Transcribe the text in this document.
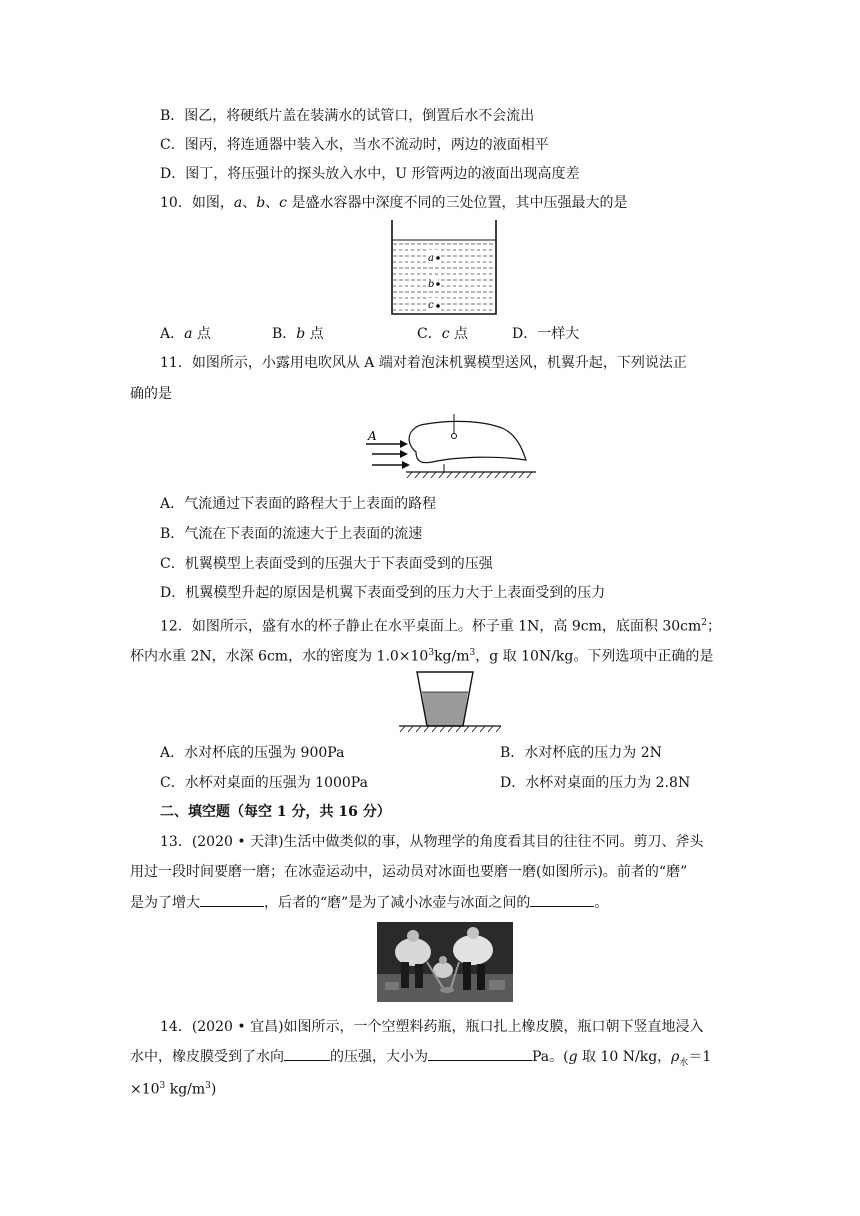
B．图乙，将硬纸片盖在装满水的试管口，倒置后水不会流出
C．图丙，将连通器中装入水，当水不流动时，两边的液面相平
D．图丁，将压强计的探头放入水中，U 形管两边的液面出现高度差
10．如图，a、b、c 是盛水容器中深度不同的三处位置，其中压强最大的是
a
b
c
A．a 点	B．b 点	C．c 点	D．一样大
11．如图所示，小露用电吹风从 A 端对着泡沫机翼模型送风，机翼升起，下列说法正
确的是
A
A．气流通过下表面的路程大于上表面的路程
B．气流在下表面的流速大于上表面的流速
C．机翼模型上表面受到的压强大于下表面受到的压强
D．机翼模型升起的原因是机翼下表面受到的压力大于上表面受到的压力
12．如图所示，盛有水的杯子静止在水平桌面上。杯子重 1N，高 9cm，底面积 $30cm^2$；
杯内水重 2N，水深 6cm，水的密度为 $1.0\times 10^3kg/m^3$，g 取 10N/kg。下列选项中正确的是
A．水对杯底的压强为 900Pa	B．水对杯底的压力为 2N
C．水杯对桌面的压强为 1000Pa	D．水杯对桌面的压力为 2.8N
二、填空题（每空 1 分，共 16 分）
13．(2020 • 天津)生活中做类似的事，从物理学的角度看其目的往往不同。剪刀、斧头
用过一段时间要磨一磨；在冰壶运动中，运动员对冰面也要磨一磨(如图所示)。前者的“磨”
是为了增大	，后者的“磨”是为了减小冰壶与冰面之间的	。
14．(2020 • 宜昌)如图所示，一个空塑料药瓶，瓶口扎上橡皮膜，瓶口朝下竖直地浸入
水中，橡皮膜受到了水向	的压强，大小为	Pa。(g 取 10 N/kg，$\rho_水=1$
$\times 10^3$ $kg/m^3$)
